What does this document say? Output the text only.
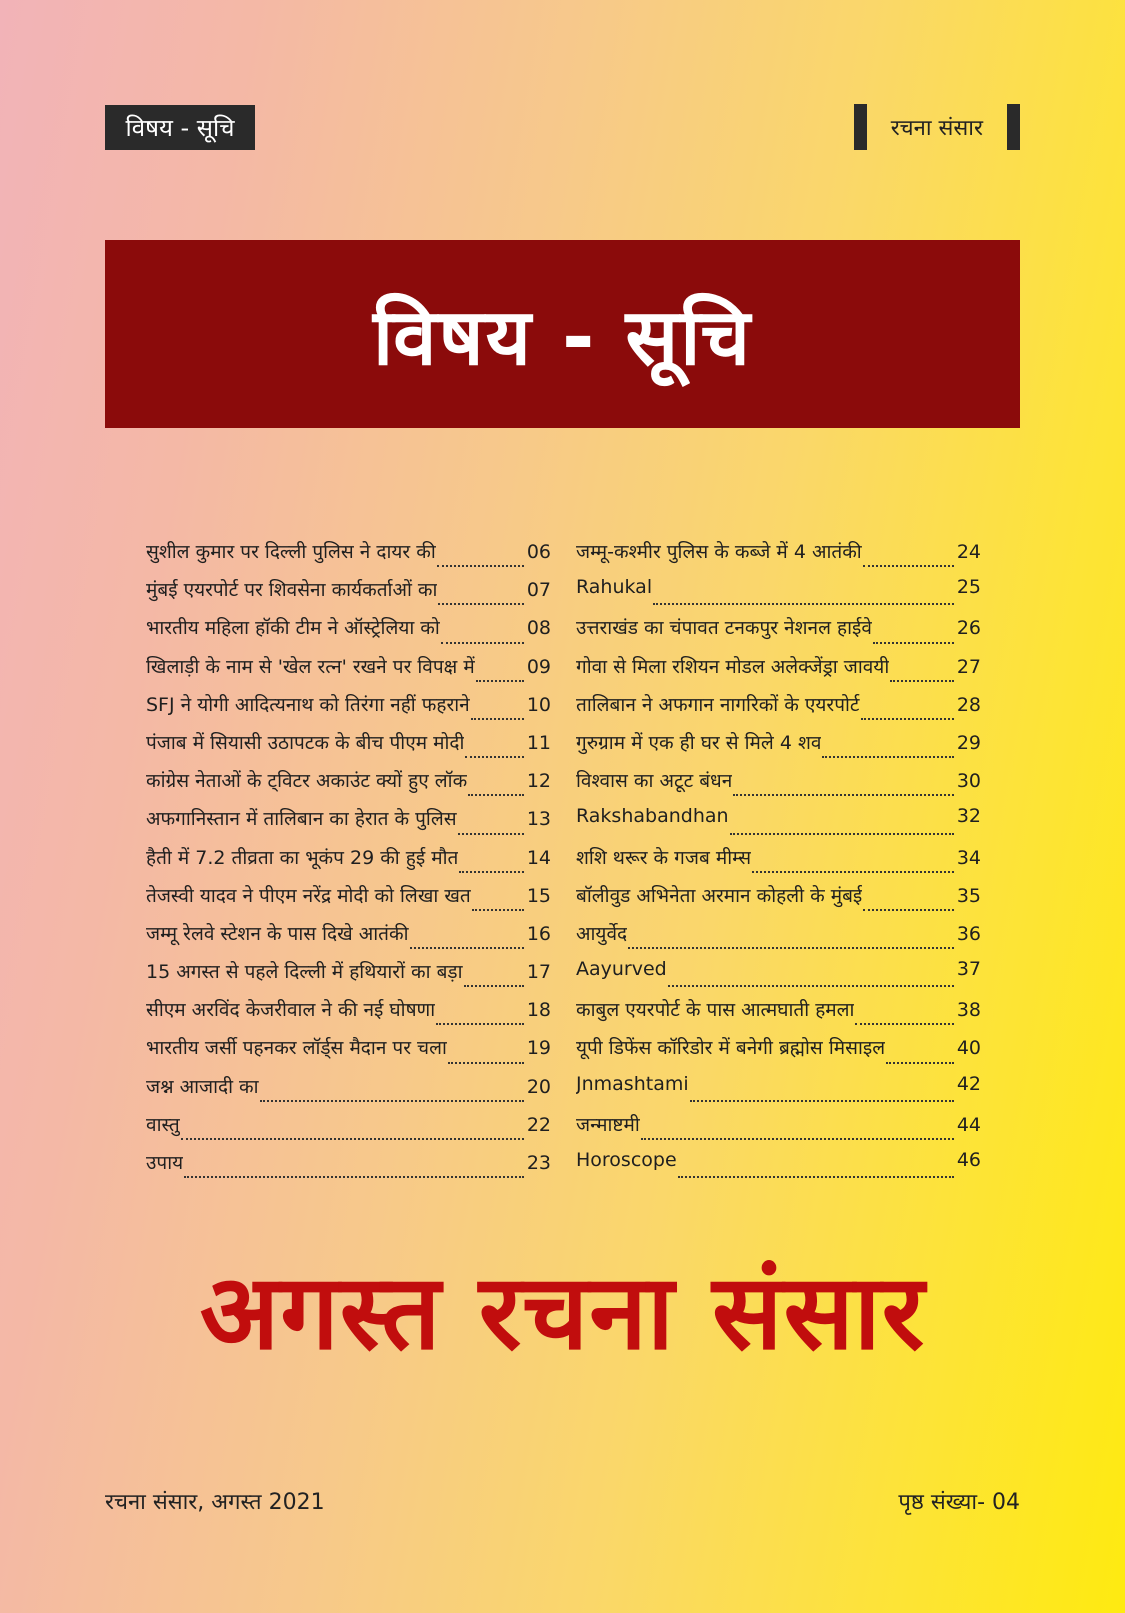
विषय - सूचि	रचना संसार
विषय - सूचि
सुशील कुमार पर दिल्ली पुलिस ने दायर की	06
मुंबई एयरपोर्ट पर शिवसेना कार्यकर्ताओं का	07
भारतीय महिला हॉकी टीम ने ऑस्ट्रेलिया को	08
खिलाड़ी के नाम से 'खेल रत्न' रखने पर विपक्ष में	09
SFJ ने योगी आदित्यनाथ को तिरंगा नहीं फहराने	10
पंजाब में सियासी उठापटक के बीच पीएम मोदी	11
कांग्रेस नेताओं के ट्विटर अकाउंट क्यों हुए लॉक	12
अफगानिस्तान में तालिबान का हेरात के पुलिस	13
हैती में 7.2 तीव्रता का भूकंप 29 की हुई मौत	14
तेजस्वी यादव ने पीएम नरेंद्र मोदी को लिखा खत	15
जम्मू रेलवे स्टेशन के पास दिखे आतंकी	16
15 अगस्त से पहले दिल्ली में हथियारों का बड़ा	17
सीएम अरविंद केजरीवाल ने की नई घोषणा	18
भारतीय जर्सी पहनकर लॉर्ड्स मैदान पर चला	19
जश्न आजादी का	20
वास्तु	22
उपाय	23
जम्मू-कश्मीर पुलिस के कब्जे में 4 आतंकी	24
Rahukal	25
उत्तराखंड का चंपावत टनकपुर नेशनल हाईवे	26
गोवा से मिला रशियन मोडल अलेक्जेंड्रा जावयी	27
तालिबान ने अफगान नागरिकों के एयरपोर्ट	28
गुरुग्राम में एक ही घर से मिले 4 शव	29
विश्वास का अटूट बंधन	30
Rakshabandhan	32
शशि थरूर के गजब मीम्स	34
बॉलीवुड अभिनेता अरमान कोहली के मुंबई	35
आयुर्वेद	36
Aayurved	37
काबुल एयरपोर्ट के पास आत्मघाती हमला	38
यूपी डिफेंस कॉरिडोर में बनेगी ब्रह्मोस मिसाइल	40
Jnmashtami	42
जन्माष्टमी	44
Horoscope	46
अगस्त रचना संसार
रचना संसार, अगस्त 2021	पृष्ठ संख्या- 04
